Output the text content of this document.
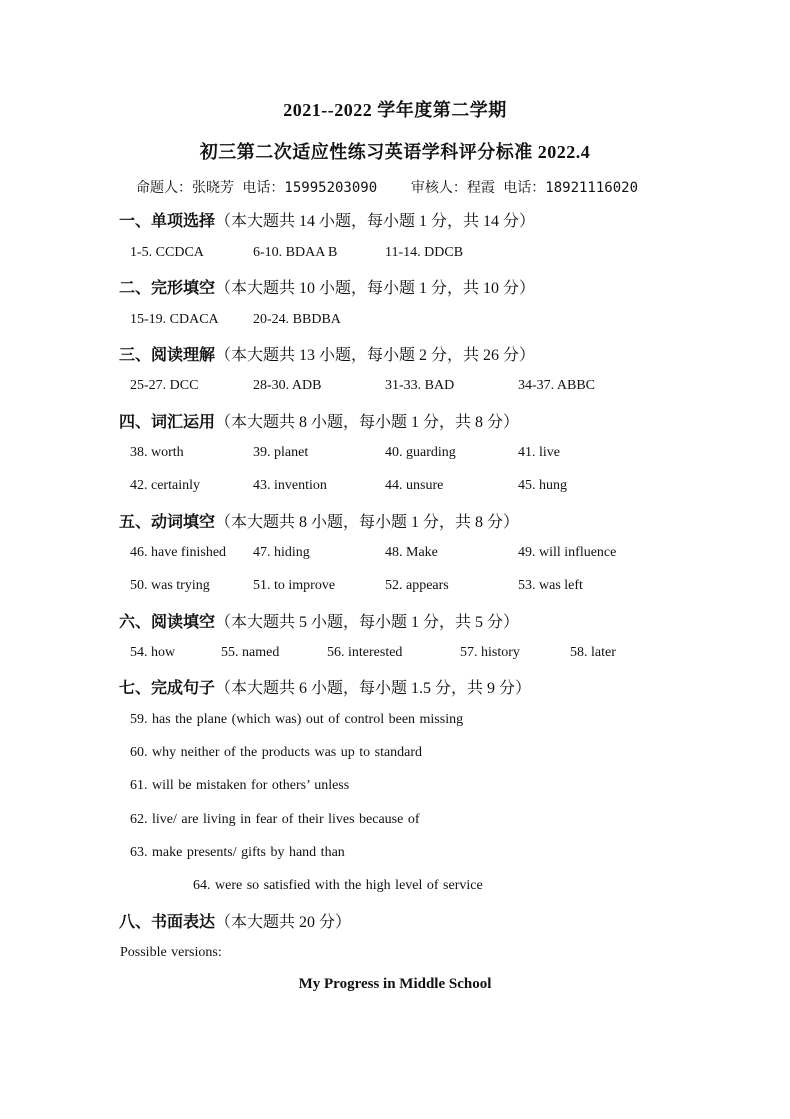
2021--2022 学年度第二学期
初三第二次适应性练习英语学科评分标准 2022.4
命题人：张晓芳 电话：15995203090    审核人：程霞 电话：18921116020
一、单项选择（本大题共 14 小题，每小题 1 分，共 14 分）
1-5. CCDCA	6-10. BDAA B	11-14. DDCB
二、完形填空（本大题共 10 小题，每小题 1 分，共 10 分）
15-19. CDACA 20-24. BBDBA
三、阅读理解（本大题共 13 小题，每小题 2 分，共 26 分）
25-27. DCC	28-30. ADB	31-33. BAD	34-37. ABBC
四、词汇运用（本大题共 8 小题，每小题 1 分，共 8 分）
38. worth	39. planet	40. guarding	41. live
42. certainly	43. invention	44. unsure	45. hung
五、动词填空（本大题共 8 小题，每小题 1 分，共 8 分）
46. have finished 47. hiding	48. Make	49. will influence
50. was trying	51. to improve	52. appears	53. was left
六、阅读填空（本大题共 5 小题，每小题 1 分，共 5 分）
54. how	55. named	56. interested	57. history	58. later
七、完成句子（本大题共 6 小题，每小题 1.5 分，共 9 分）
59. has the plane (which was) out of control been missing
60. why neither of the products was up to standard
61. will be mistaken for others’ unless
62. live/ are living in fear of their lives because of
63. make presents/ gifts by hand than
64. were so satisfied with the high level of service
八、书面表达（本大题共 20 分）
Possible versions:
My Progress in Middle School
